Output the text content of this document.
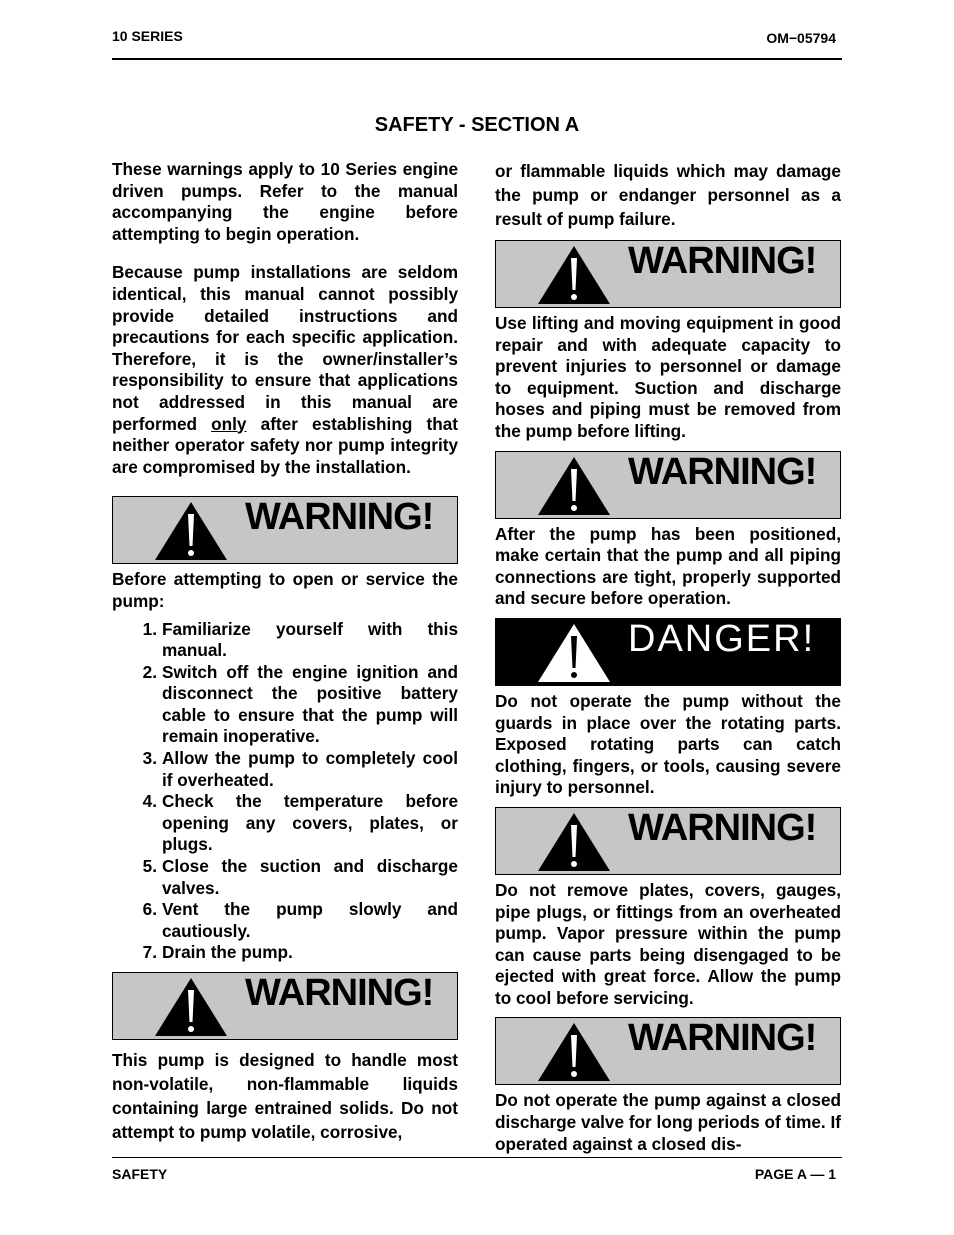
10 SERIES	OM−05794
SAFETY - SECTION A

These warnings apply to 10 Series engine driven pumps. Refer to the manual accompanying the engine before attempting to begin operation.

Because pump installations are seldom identical, this manual cannot possibly provide detailed instructions and precautions for each specific application. Therefore, it is the owner/installer’s responsibility to ensure that applications not addressed in this manual are performed only after establishing that neither operator safety nor pump integrity are compromised by the installation.

WARNING!

Before attempting to open or service the pump:

1. Familiarize yourself with this manual.
2. Switch off the engine ignition and disconnect the positive battery cable to ensure that the pump will remain inoperative.
3. Allow the pump to completely cool if overheated.
4. Check the temperature before opening any covers, plates, or plugs.
5. Close the suction and discharge valves.
6. Vent the pump slowly and cautiously.
7. Drain the pump.
WARNING!

This pump is designed to handle most non-volatile, non-flammable liquids containing large entrained solids. Do not attempt to pump volatile, corrosive,

or flammable liquids which may damage the pump or endanger personnel as a result of pump failure.

WARNING!

Use lifting and moving equipment in good repair and with adequate capacity to prevent injuries to personnel or damage to equipment. Suction and discharge hoses and piping must be removed from the pump before lifting.

WARNING!

After the pump has been positioned, make certain that the pump and all piping connections are tight, properly supported and secure before operation.

DANGER!

Do not operate the pump without the guards in place over the rotating parts. Exposed rotating parts can catch clothing, fingers, or tools, causing severe injury to personnel.

WARNING!

Do not remove plates, covers, gauges, pipe plugs, or fittings from an overheated pump. Vapor pressure within the pump can cause parts being disengaged to be ejected with great force. Allow the pump to cool before servicing.

WARNING!

Do not operate the pump against a closed discharge valve for long periods of time. If operated against a closed dis-

SAFETY	PAGE A — 1
